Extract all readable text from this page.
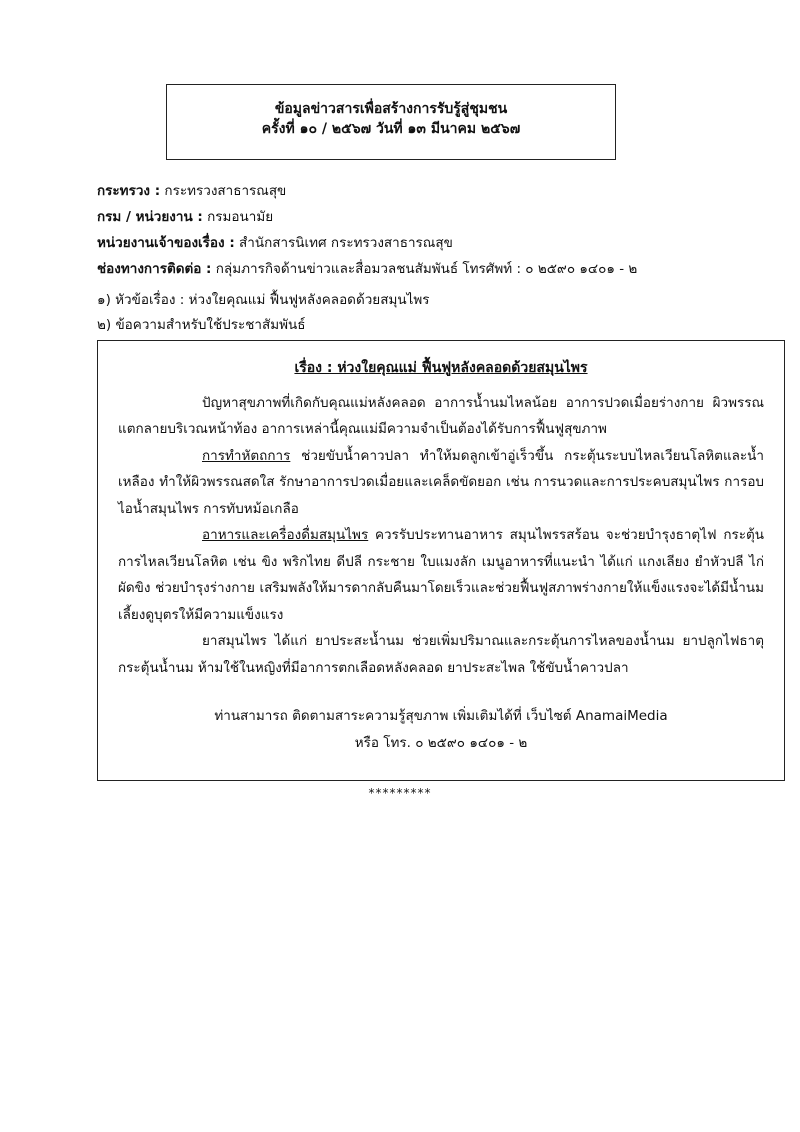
ข้อมูลข่าวสารเพื่อสร้างการรับรู้สู่ชุมชน
ครั้งที่ ๑๐ / ๒๕๖๗ วันที่ ๑๓ มีนาคม ๒๕๖๗
กระทรวง : กระทรวงสาธารณสุข
กรม / หน่วยงาน : กรมอนามัย
หน่วยงานเจ้าของเรื่อง : สำนักสารนิเทศ กระทรวงสาธารณสุข
ช่องทางการติดต่อ : กลุ่มภารกิจด้านข่าวและสื่อมวลชนสัมพันธ์ โทรศัพท์ : ๐ ๒๕๙๐ ๑๔๐๑ - ๒
๑) หัวข้อเรื่อง : ห่วงใยคุณแม่ ฟื้นฟูหลังคลอดด้วยสมุนไพร
๒) ข้อความสำหรับใช้ประชาสัมพันธ์
เรื่อง : ห่วงใยคุณแม่ ฟื้นฟูหลังคลอดด้วยสมุนไพร
ปัญหาสุขภาพที่เกิดกับคุณแม่หลังคลอด อาการน้ำนมไหลน้อย อาการปวดเมื่อยร่างกาย ผิวพรรณแตกลายบริเวณหน้าท้อง อาการเหล่านี้คุณแม่มีความจำเป็นต้องได้รับการฟื้นฟูสุขภาพ
การทำหัตถการ ช่วยขับน้ำคาวปลา ทำให้มดลูกเข้าอู่เร็วขึ้น กระตุ้นระบบไหลเวียนโลหิตและน้ำเหลือง ทำให้ผิวพรรณสดใส รักษาอาการปวดเมื่อยและเคล็ดขัดยอก เช่น การนวดและการประคบสมุนไพร การอบไอน้ำสมุนไพร การทับหม้อเกลือ
อาหารและเครื่องดื่มสมุนไพร ควรรับประทานอาหาร สมุนไพรรสร้อน จะช่วยบำรุงธาตุไฟ กระตุ้นการไหลเวียนโลหิต เช่น ขิง พริกไทย ดีปลี กระชาย ใบแมงลัก เมนูอาหารที่แนะนำ ได้แก่ แกงเลียง ยำหัวปลี ไก่ผัดขิง ช่วยบำรุงร่างกาย เสริมพลังให้มารดากลับคืนมาโดยเร็วและช่วยฟื้นฟูสภาพร่างกายให้แข็งแรงจะได้มีน้ำนม เลี้ยงดูบุตรให้มีความแข็งแรง
ยาสมุนไพร ได้แก่ ยาประสะน้ำนม ช่วยเพิ่มปริมาณและกระตุ้นการไหลของน้ำนม ยาปลูกไฟธาตุ กระตุ้นน้ำนม ห้ามใช้ในหญิงที่มีอาการตกเลือดหลังคลอด ยาประสะไพล ใช้ขับน้ำคาวปลา
ท่านสามารถ ติดตามสาระความรู้สุขภาพ เพิ่มเติมได้ที่ เว็บไซต์ AnamaiMedia
หรือ โทร. ๐ ๒๕๙๐ ๑๔๐๑ - ๒
*********
